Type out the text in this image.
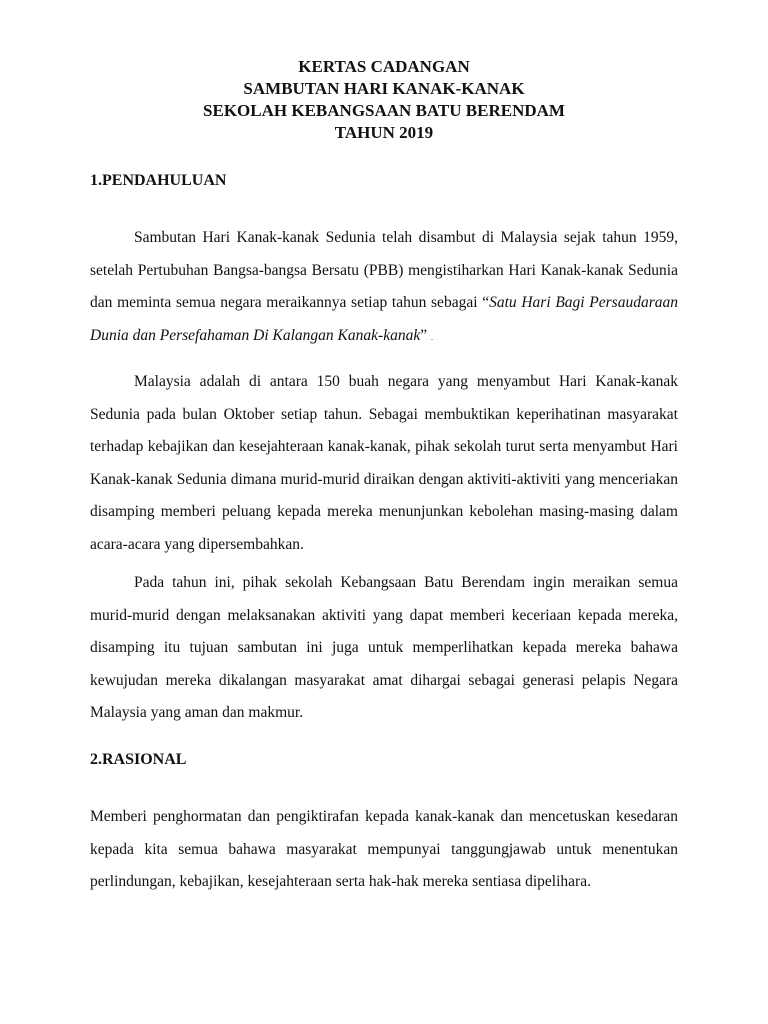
KERTAS CADANGAN
SAMBUTAN HARI KANAK-KANAK
SEKOLAH KEBANGSAAN BATU BERENDAM
TAHUN 2019
1.PENDAHULUAN

Sambutan Hari Kanak-kanak Sedunia telah disambut di Malaysia sejak tahun 1959, setelah Pertubuhan Bangsa-bangsa Bersatu (PBB) mengistiharkan Hari Kanak-kanak Sedunia dan meminta semua negara meraikannya setiap tahun sebagai “Satu Hari Bagi Persaudaraan Dunia dan Persefahaman Di Kalangan Kanak-kanak” .

Malaysia adalah di antara 150 buah negara yang menyambut Hari Kanak-kanak Sedunia pada bulan Oktober setiap tahun. Sebagai membuktikan keperihatinan masyarakat terhadap kebajikan dan kesejahteraan kanak-kanak, pihak sekolah turut serta menyambut Hari Kanak-kanak Sedunia dimana murid-murid diraikan dengan aktiviti-aktiviti yang menceriakan disamping memberi peluang kepada mereka menunjunkan kebolehan masing-masing dalam acara-acara yang dipersembahkan.

Pada tahun ini, pihak sekolah Kebangsaan Batu Berendam ingin meraikan semua murid-murid dengan melaksanakan aktiviti yang dapat memberi keceriaan kepada mereka, disamping itu tujuan sambutan ini juga untuk memperlihatkan kepada mereka bahawa kewujudan mereka dikalangan masyarakat amat dihargai sebagai generasi pelapis Negara Malaysia yang aman dan makmur.

2.RASIONAL

Memberi penghormatan dan pengiktirafan kepada kanak-kanak dan mencetuskan kesedaran kepada kita semua bahawa masyarakat mempunyai tanggungjawab untuk menentukan perlindungan, kebajikan, kesejahteraan serta hak-hak mereka sentiasa dipelihara.
